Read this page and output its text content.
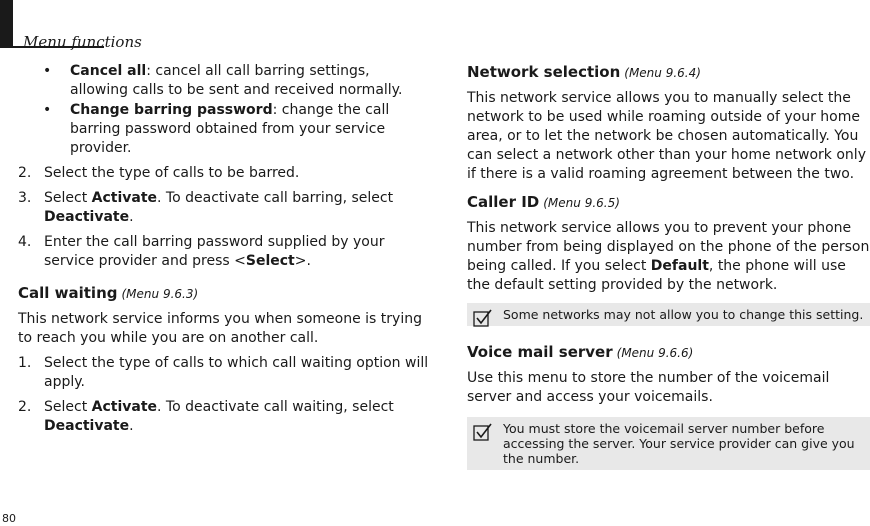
Menu functions
• Cancel all: cancel all call barring settings, allowing calls to be sent and received normally.
• Change barring password: change the call barring password obtained from your service provider.
2. Select the type of calls to be barred.
3. Select Activate. To deactivate call barring, select Deactivate.
4. Enter the call barring password supplied by your service provider and press <Select>.
Call waiting (Menu 9.6.3)
This network service informs you when someone is trying to reach you while you are on another call.
1. Select the type of calls to which call waiting option will apply.
2. Select Activate. To deactivate call waiting, select Deactivate.
Network selection (Menu 9.6.4)
This network service allows you to manually select the network to be used while roaming outside of your home area, or to let the network be chosen automatically. You can select a network other than your home network only if there is a valid roaming agreement between the two.
Caller ID (Menu 9.6.5)
This network service allows you to prevent your phone number from being displayed on the phone of the person being called. If you select Default, the phone will use the default setting provided by the network.
Some networks may not allow you to change this setting.
Voice mail server (Menu 9.6.6)
Use this menu to store the number of the voicemail server and access your voicemails.
You must store the voicemail server number before accessing the server. Your service provider can give you the number.
80
